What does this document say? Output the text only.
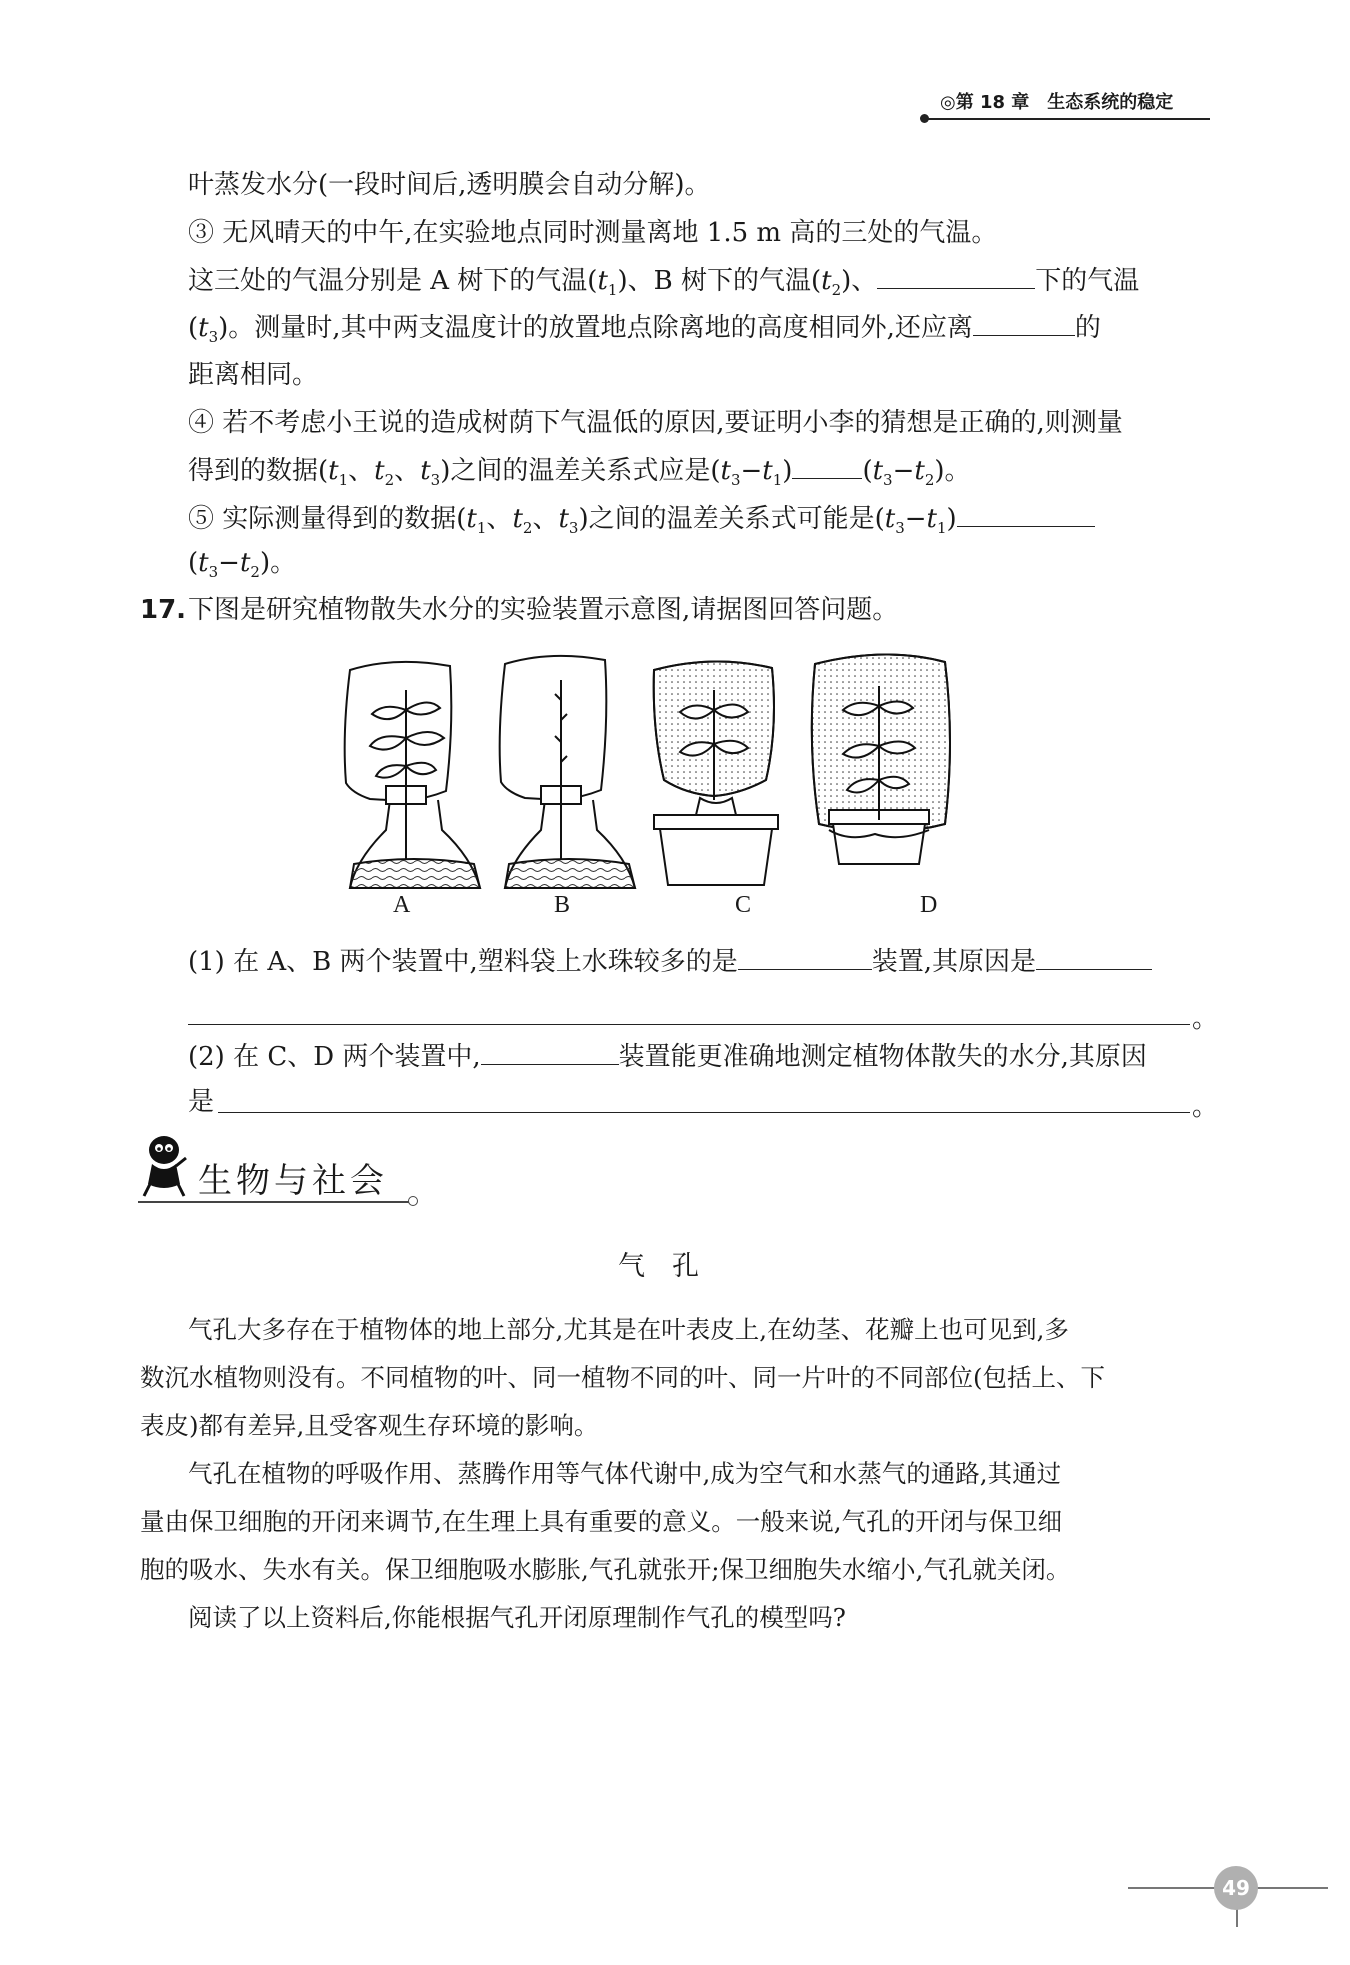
◎第 18 章　生态系统的稳定
叶蒸发水分(一段时间后,透明膜会自动分解)。
③ 无风晴天的中午,在实验地点同时测量离地 1.5 m 高的三处的气温。
这三处的气温分别是 A 树下的气温$(t_1)$、B 树下的气温$(t_2)$、	下的气温
$(t_3)$。测量时,其中两支温度计的放置地点除离地的高度相同外,还应离	的
距离相同。
④ 若不考虑小王说的造成树荫下气温低的原因,要证明小李的猜想是正确的,则测量
得到的数据($t_1$、$t_2$、$t_3$)之间的温差关系式应是$(t_3-t_1)$	$(t_3-t_2)$。
⑤ 实际测量得到的数据($t_1$、$t_2$、$t_3$)之间的温差关系式可能是$(t_3-t_1)$
$(t_3-t_2)$。
17. 下图是研究植物散失水分的实验装置示意图,请据图回答问题。
A	B	C	D
(1) 在 A、B 两个装置中,塑料袋上水珠较多的是	装置,其原因是
。
(2) 在 C、D 两个装置中,	装置能更准确地测定植物体散失的水分,其原因
是	。
生物与社会
气　孔
气孔大多存在于植物体的地上部分,尤其是在叶表皮上,在幼茎、花瓣上也可见到,多
数沉水植物则没有。不同植物的叶、同一植物不同的叶、同一片叶的不同部位(包括上、下
表皮)都有差异,且受客观生存环境的影响。
气孔在植物的呼吸作用、蒸腾作用等气体代谢中,成为空气和水蒸气的通路,其通过
量由保卫细胞的开闭来调节,在生理上具有重要的意义。一般来说,气孔的开闭与保卫细
胞的吸水、失水有关。保卫细胞吸水膨胀,气孔就张开;保卫细胞失水缩小,气孔就关闭。
阅读了以上资料后,你能根据气孔开闭原理制作气孔的模型吗?
49
